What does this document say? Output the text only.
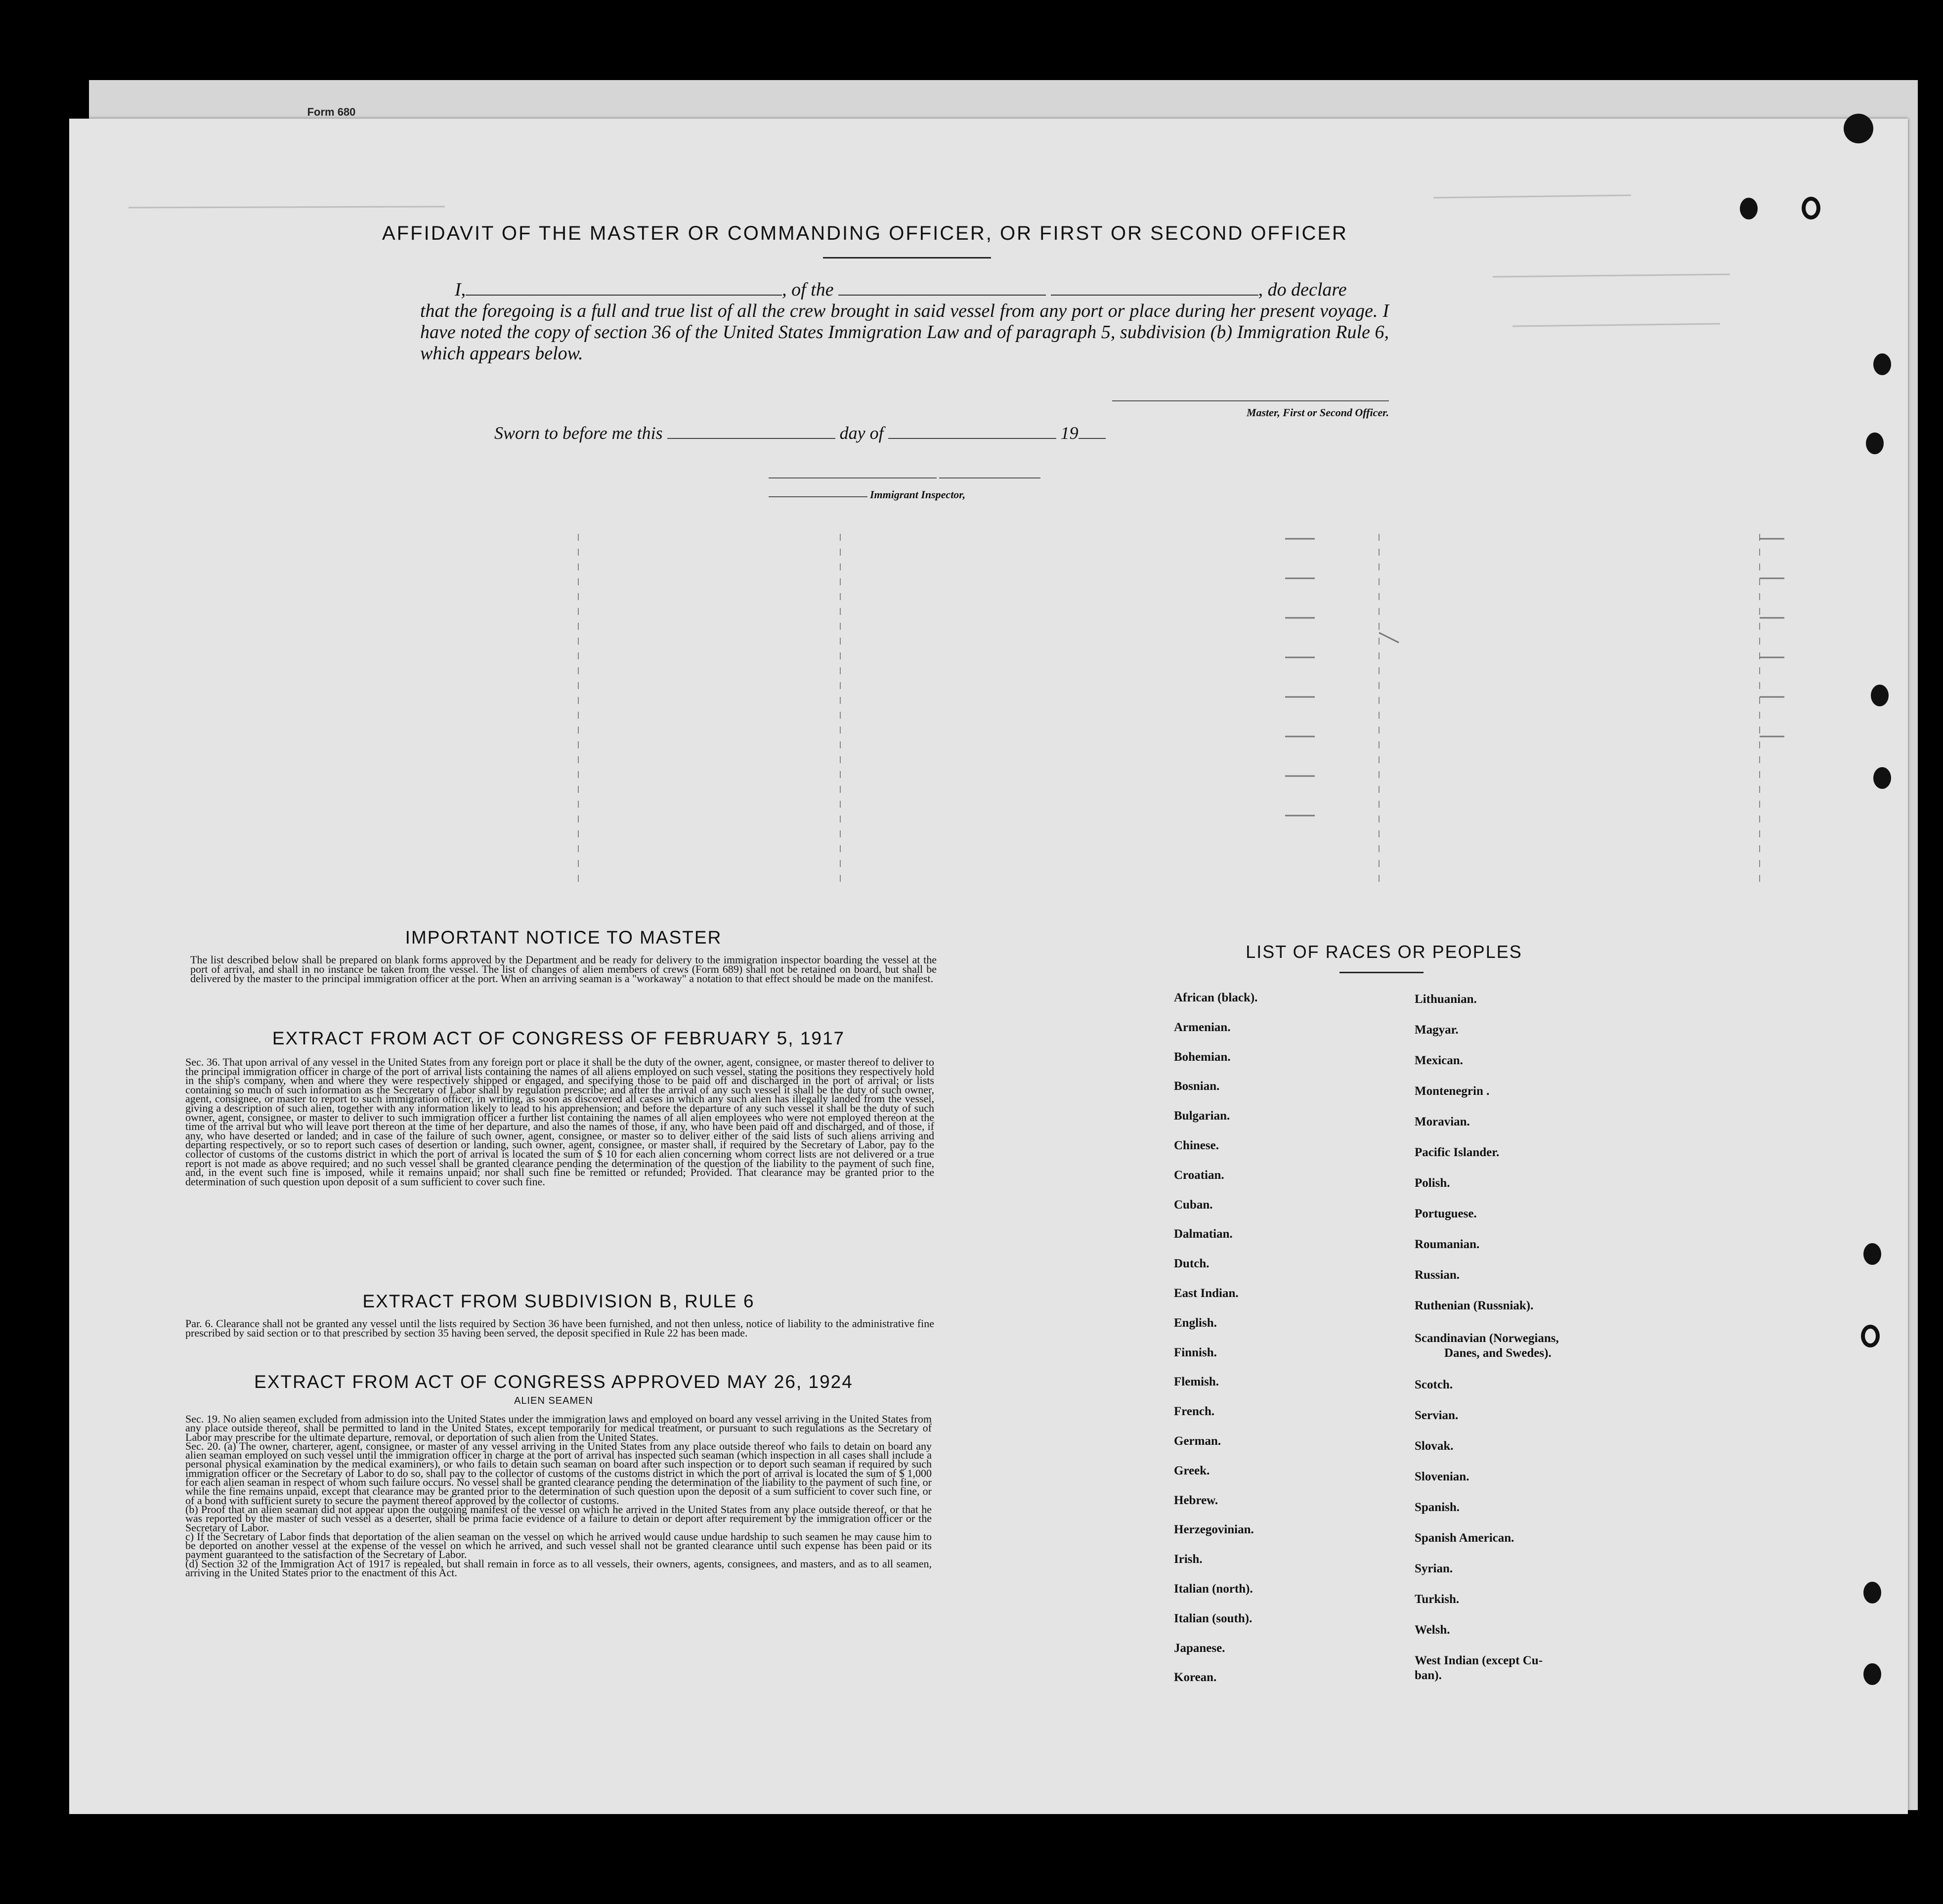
Form 680
AFFIDAVIT OF THE MASTER OR COMMANDING OFFICER, OR FIRST OR SECOND OFFICER
I,	, of the	, do declare
that the foregoing is a full and true list of all the crew brought in said vessel from any port or place during her present voyage. I have noted the copy of section 36 of the United States Immigration Law and of paragraph 5, subdivision (b) Immigration Rule 6, which appears below.
Master, First or Second Officer.
Sworn to before me this	day of	19
Immigrant Inspector,
IMPORTANT NOTICE TO MASTER

The list described below shall be prepared on blank forms approved by the Department and be ready for delivery to the immigration inspector boarding the vessel at the port of arrival, and shall in no instance be taken from the vessel. The list of changes of alien members of crews (Form 689) shall not be retained on board, but shall be delivered by the master to the principal immigration officer at the port. When an arriving seaman is a "workaway" a notation to that effect should be made on the manifest.

EXTRACT FROM ACT OF CONGRESS OF FEBRUARY 5, 1917

Sec. 36. That upon arrival of any vessel in the United States from any foreign port or place it shall be the duty of the owner, agent, consignee, or master thereof to deliver to the principal immigration officer in charge of the port of arrival lists containing the names of all aliens employed on such vessel, stating the positions they respectively hold in the ship's company, when and where they were respectively shipped or engaged, and specifying those to be paid off and discharged in the port of arrival; or lists containing so much of such information as the Secretary of Labor shall by regulation prescribe; and after the arrival of any such vessel it shall be the duty of such owner, agent, consignee, or master to report to such immigration officer, in writing, as soon as discovered all cases in which any such alien has illegally landed from the vessel, giving a description of such alien, together with any information likely to lead to his apprehension; and before the departure of any such vessel it shall be the duty of such owner, agent, consignee, or master to deliver to such immigration officer a further list containing the names of all alien employees who were not employed thereon at the time of the arrival but who will leave port thereon at the time of her departure, and also the names of those, if any, who have been paid off and discharged, and of those, if any, who have deserted or landed; and in case of the failure of such owner, agent, consignee, or master so to deliver either of the said lists of such aliens arriving and departing respectively, or so to report such cases of desertion or landing, such owner, agent, consignee, or master shall, if required by the Secretary of Labor, pay to the collector of customs of the customs district in which the port of arrival is located the sum of $ 10 for each alien concerning whom correct lists are not delivered or a true report is not made as above required; and no such vessel shall be granted clearance pending the determination of the question of the liability to the payment of such fine, and, in the event such fine is imposed, while it remains unpaid; nor shall such fine be remitted or refunded; Provided. That clearance may be granted prior to the determination of such question upon deposit of a sum sufficient to cover such fine.

EXTRACT FROM SUBDIVISION B, RULE 6

Par. 6. Clearance shall not be granted any vessel until the lists required by Section 36 have been furnished, and not then unless, notice of liability to the administrative fine prescribed by said section or to that prescribed by section 35 having been served, the deposit specified in Rule 22 has been made.

EXTRACT FROM ACT OF CONGRESS APPROVED MAY 26, 1924
ALIEN SEAMEN
Sec. 19. No alien seamen excluded from admission into the United States under the immigration laws and employed on board any vessel arriving in the United States from any place outside thereof, shall be permitted to land in the United States, except temporarily for medical treatment, or pursuant to such regulations as the Secretary of Labor may prescribe for the ultimate departure, removal, or deportation of such alien from the United States.
Sec. 20. (a) The owner, charterer, agent, consignee, or master of any vessel arriving in the United States from any place outside thereof who fails to detain on board any alien seaman employed on such vessel until the immigration officer in charge at the port of arrival has inspected such seaman (which inspection in all cases shall include a personal physical examination by the medical examiners), or who fails to detain such seaman on board after such inspection or to deport such seaman if required by such immigration officer or the Secretary of Labor to do so, shall pay to the collector of customs of the customs district in which the port of arrival is located the sum of $ 1,000 for each alien seaman in respect of whom such failure occurs. No vessel shall be granted clearance pending the determination of the liability to the payment of such fine, or while the fine remains unpaid, except that clearance may be granted prior to the determination of such question upon the deposit of a sum sufficient to cover such fine, or of a bond with sufficient surety to secure the payment thereof approved by the collector of customs.
(b) Proof that an alien seaman did not appear upon the outgoing manifest of the vessel on which he arrived in the United States from any place outside thereof, or that he was reported by the master of such vessel as a deserter, shall be prima facie evidence of a failure to detain or deport after requirement by the immigration officer or the Secretary of Labor.
c) If the Secretary of Labor finds that deportation of the alien seaman on the vessel on which he arrived would cause undue hardship to such seamen he may cause him to be deported on another vessel at the expense of the vessel on which he arrived, and such vessel shall not be granted clearance until such expense has been paid or its payment guaranteed to the satisfaction of the Secretary of Labor.
(d) Section 32 of the Immigration Act of 1917 is repealed, but shall remain in force as to all vessels, their owners, agents, consignees, and masters, and as to all seamen, arriving in the United States prior to the enactment of this Act.
LIST OF RACES OR PEOPLES
African (black).
Armenian.
Bohemian.
Bosnian.
Bulgarian.
Chinese.
Croatian.
Cuban.
Dalmatian.
Dutch.
East Indian.
English.
Finnish.
Flemish.
French.
German.
Greek.
Hebrew.
Herzegovinian.
Irish.
Italian (north).
Italian (south).
Japanese.
Korean.
Lithuanian.
Magyar.
Mexican.
Montenegrin .
Moravian.
Pacific Islander.
Polish.
Portuguese.
Roumanian.
Russian.
Ruthenian (Russniak).
Scandinavian (Norwegians,
Danes, and Swedes).
Scotch.
Servian.
Slovak.
Slovenian.
Spanish.
Spanish American.
Syrian.
Turkish.
Welsh.
West Indian (except Cu-
ban).
